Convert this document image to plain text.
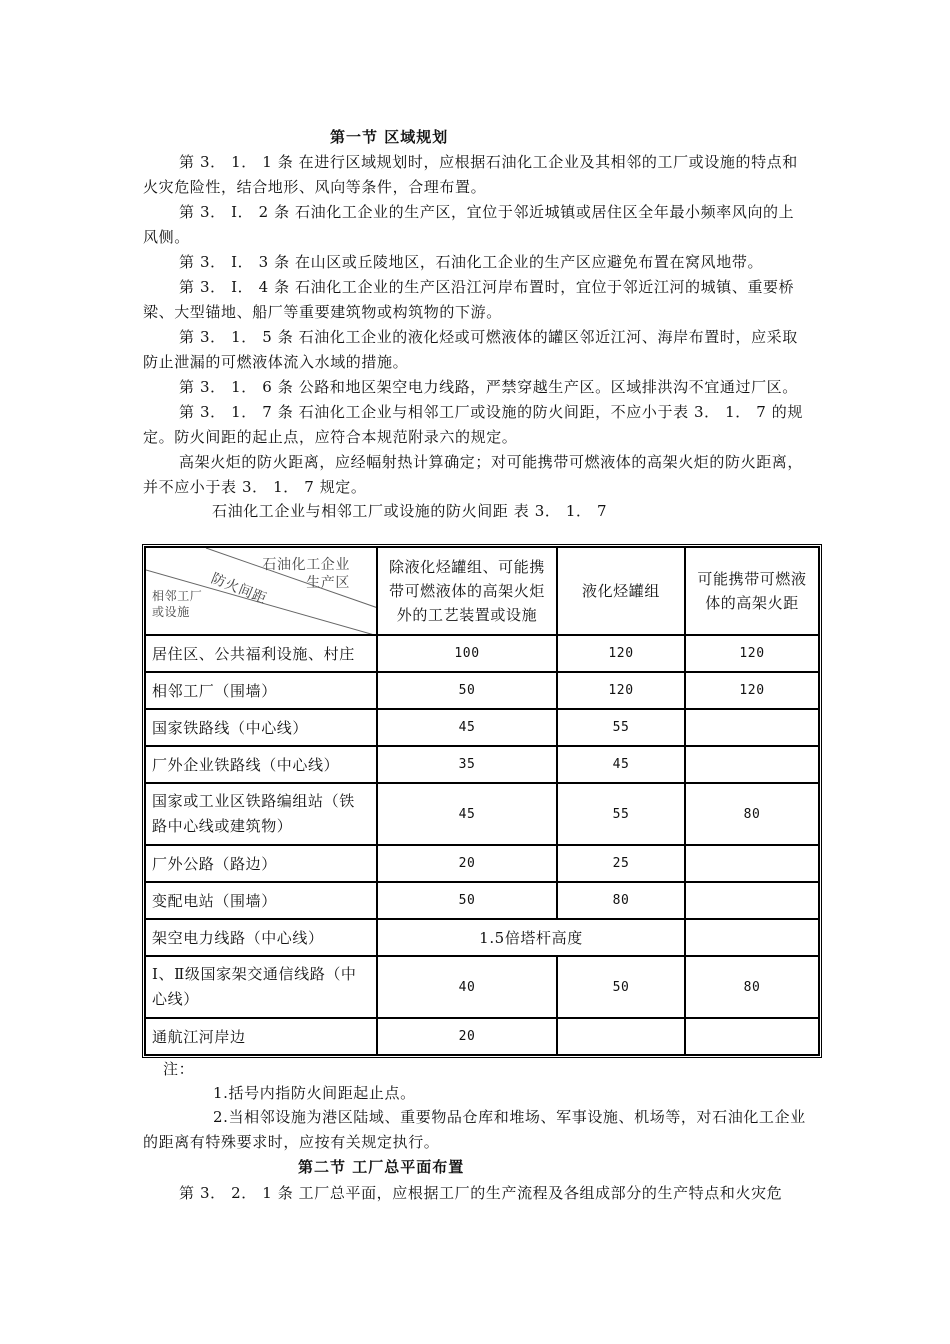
第一节 区域规划

第 3． 1． 1 条 在进行区域规划时，应根据石油化工企业及其相邻的工厂或设施的特点和火灾危险性，结合地形、风向等条件，合理布置。

第 3． I． 2 条 石油化工企业的生产区，宜位于邻近城镇或居住区全年最小频率风向的上风侧。

第 3． I． 3 条 在山区或丘陵地区，石油化工企业的生产区应避免布置在窝风地带。

第 3． I． 4 条 石油化工企业的生产区沿江河岸布置时，宜位于邻近江河的城镇、重要桥梁、大型锚地、船厂等重要建筑物或构筑物的下游。

第 3． 1． 5 条 石油化工企业的液化烃或可燃液体的罐区邻近江河、海岸布置时，应采取防止泄漏的可燃液体流入水域的措施。

第 3． 1． 6 条 公路和地区架空电力线路，严禁穿越生产区。区域排洪沟不宜通过厂区。

第 3． 1． 7 条 石油化工企业与相邻工厂或设施的防火间距，不应小于表 3． 1． 7 的规定。防火间距的起止点，应符合本规范附录六的规定。

高架火炬的防火距离，应经幅射热计算确定；对可能携带可燃液体的高架火炬的防火距离，并不应小于表 3． 1． 7 规定。

石油化工企业与相邻工厂或设施的防火间距 表 3． 1． 7
石油化工企业
生产区
防火间距
相邻工厂
或设施	除液化烃罐组、可能携带可燃液体的高架火炬外的工艺装置或设施	液化烃罐组	可能携带可燃液体的高架火距
居住区、公共福利设施、村庄	100	120	120
相邻工厂（围墙）	50	120	120
国家铁路线（中心线）	45	55	
厂外企业铁路线（中心线）	35	45	
国家或工业区铁路编组站（铁路中心线或建筑物）	45	55	80
厂外公路（路边）	20	25	
变配电站（围墙）	50	80	
架空电力线路（中心线）	1.5倍塔杆高度		
Ⅰ、Ⅱ级国家架交通信线路（中心线）	40	50	80
通航江河岸边	20		
注：
1.括号内指防火间距起止点。

2.当相邻设施为港区陆域、重要物品仓库和堆场、军事设施、机场等，对石油化工企业的距离有特殊要求时，应按有关规定执行。

第二节 工厂总平面布置

第 3． 2． 1 条 工厂总平面，应根据工厂的生产流程及各组成部分的生产特点和火灾危
